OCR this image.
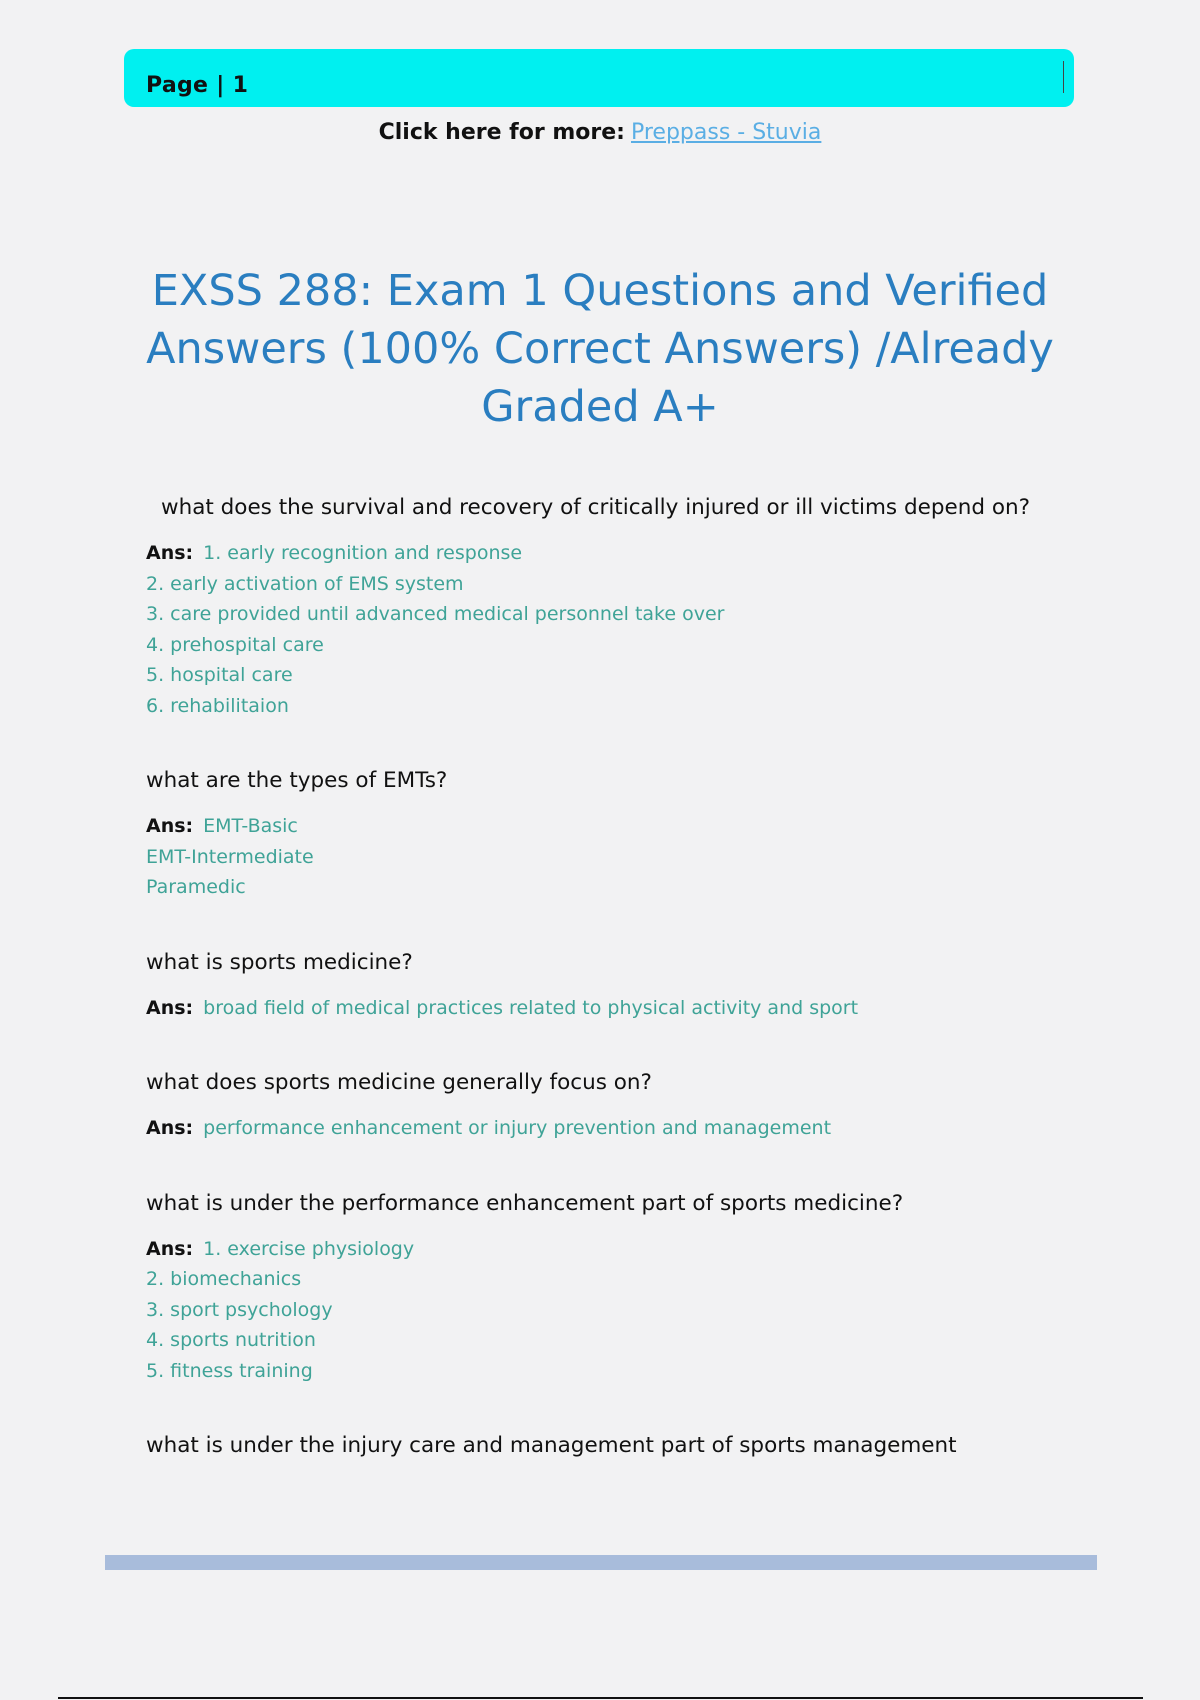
Page | 1
Click here for more: Preppass - Stuvia
EXSS 288: Exam 1 Questions and Verified Answers (100% Correct Answers) /Already Graded A+

what does the survival and recovery of critically injured or ill victims depend on?

Ans: 1. early recognition and response
2. early activation of EMS system
3. care provided until advanced medical personnel take over
4. prehospital care
5. hospital care
6. rehabilitaion

what are the types of EMTs?

Ans: EMT-Basic
EMT-Intermediate
Paramedic

what is sports medicine?

Ans: broad field of medical practices related to physical activity and sport

what does sports medicine generally focus on?

Ans: performance enhancement or injury prevention and management

what is under the performance enhancement part of sports medicine?

Ans: 1. exercise physiology
2. biomechanics
3. sport psychology
4. sports nutrition
5. fitness training

what is under the injury care and management part of sports management
